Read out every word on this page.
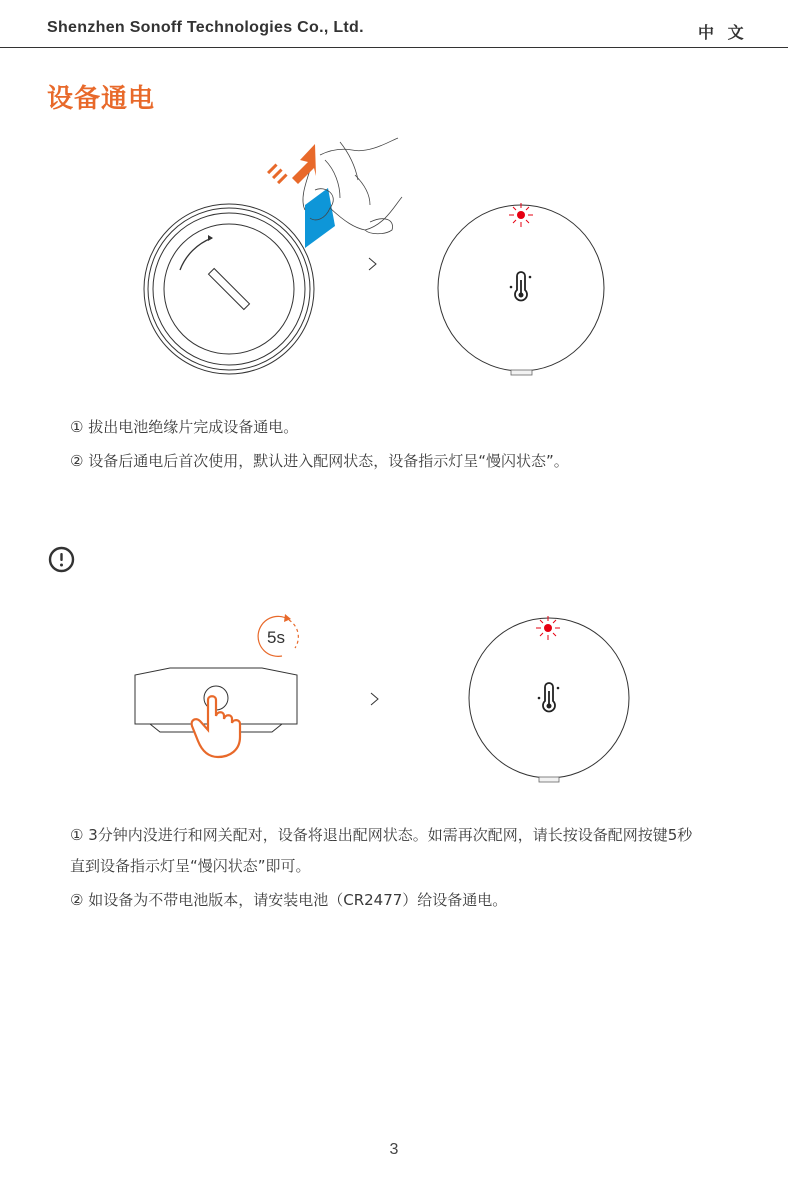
Shenzhen Sonoff Technologies Co., Ltd.	中 文
设备通电
① 拔出电池绝缘片完成设备通电。
② 设备后通电后首次使用，默认进入配网状态，设备指示灯呈“慢闪状态”。
5s
① 3分钟内没进行和网关配对，设备将退出配网状态。如需再次配网，请长按设备配网按键5秒
直到设备指示灯呈“慢闪状态”即可。
② 如设备为不带电池版本，请安装电池（CR2477）给设备通电。
3
